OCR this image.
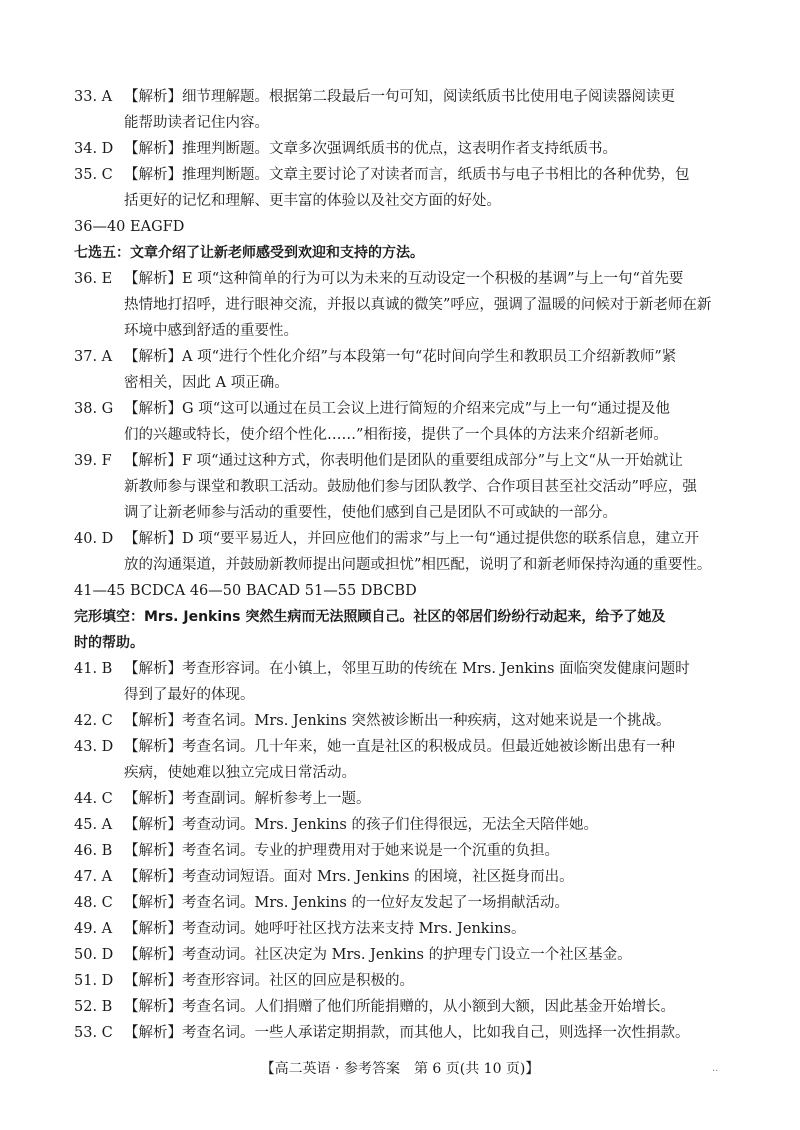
33. A 【解析】细节理解题。根据第二段最后一句可知，阅读纸质书比使用电子阅读器阅读更
能帮助读者记住内容。
34. D 【解析】推理判断题。文章多次强调纸质书的优点，这表明作者支持纸质书。
35. C 【解析】推理判断题。文章主要讨论了对读者而言，纸质书与电子书相比的各种优势，包
括更好的记忆和理解、更丰富的体验以及社交方面的好处。
36—40 EAGFD
七选五：文章介绍了让新老师感受到欢迎和支持的方法。
36. E 【解析】E 项“这种简单的行为可以为未来的互动设定一个积极的基调”与上一句“首先要
热情地打招呼，进行眼神交流，并报以真诚的微笑”呼应，强调了温暖的问候对于新老师在新
环境中感到舒适的重要性。
37. A 【解析】A 项“进行个性化介绍”与本段第一句“花时间向学生和教职员工介绍新教师”紧
密相关，因此 A 项正确。
38. G 【解析】G 项“这可以通过在员工会议上进行简短的介绍来完成”与上一句“通过提及他
们的兴趣或特长，使介绍个性化……”相衔接，提供了一个具体的方法来介绍新老师。
39. F 【解析】F 项“通过这种方式，你表明他们是团队的重要组成部分”与上文“从一开始就让
新教师参与课堂和教职工活动。鼓励他们参与团队教学、合作项目甚至社交活动”呼应，强
调了让新老师参与活动的重要性，使他们感到自己是团队不可或缺的一部分。
40. D 【解析】D 项“要平易近人，并回应他们的需求”与上一句“通过提供您的联系信息，建立开
放的沟通渠道，并鼓励新教师提出问题或担忧”相匹配，说明了和新老师保持沟通的重要性。
41—45 BCDCA 46—50 BACAD 51—55 DBCBD
完形填空：Mrs. Jenkins 突然生病而无法照顾自己。社区的邻居们纷纷行动起来，给予了她及
时的帮助。
41. B 【解析】考查形容词。在小镇上，邻里互助的传统在 Mrs. Jenkins 面临突发健康问题时
得到了最好的体现。
42. C 【解析】考查名词。Mrs. Jenkins 突然被诊断出一种疾病，这对她来说是一个挑战。
43. D 【解析】考查名词。几十年来，她一直是社区的积极成员。但最近她被诊断出患有一种
疾病，使她难以独立完成日常活动。
44. C 【解析】考查副词。解析参考上一题。
45. A 【解析】考查动词。Mrs. Jenkins 的孩子们住得很远，无法全天陪伴她。
46. B 【解析】考查名词。专业的护理费用对于她来说是一个沉重的负担。
47. A 【解析】考查动词短语。面对 Mrs. Jenkins 的困境，社区挺身而出。
48. C 【解析】考查名词。Mrs. Jenkins 的一位好友发起了一场捐献活动。
49. A 【解析】考查动词。她呼吁社区找方法来支持 Mrs. Jenkins。
50. D 【解析】考查动词。社区决定为 Mrs. Jenkins 的护理专门设立一个社区基金。
51. D 【解析】考查形容词。社区的回应是积极的。
52. B 【解析】考查名词。人们捐赠了他们所能捐赠的，从小额到大额，因此基金开始增长。
53. C 【解析】考查名词。一些人承诺定期捐款，而其他人，比如我自己，则选择一次性捐款。
【高二英语 · 参考答案　第 6 页(共 10 页)】	..
